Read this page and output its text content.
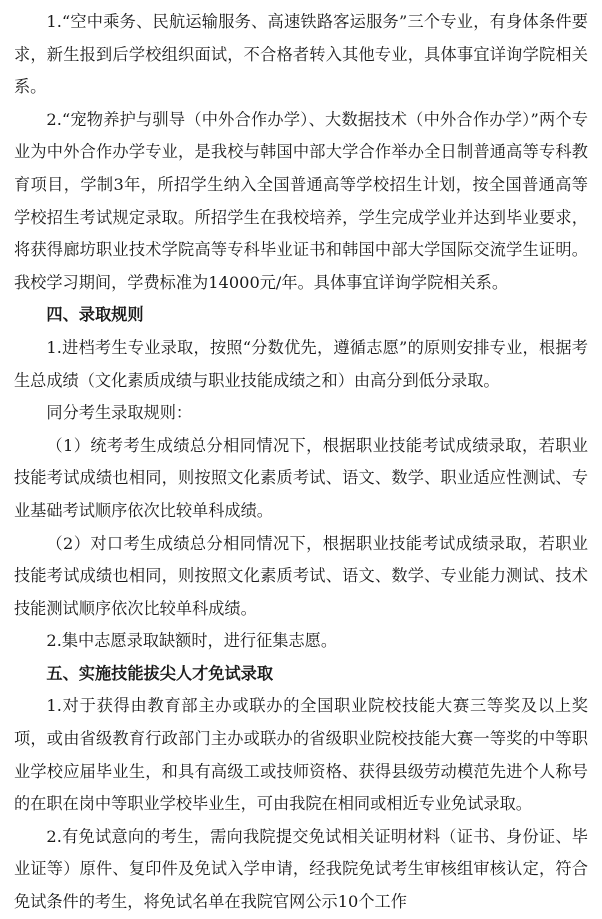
1.“空中乘务、民航运输服务、高速铁路客运服务”三个专业，有身体条件要求，新生报到后学校组织面试，不合格者转入其他专业，具体事宜详询学院相关系。

2.“宠物养护与驯导（中外合作办学）、大数据技术（中外合作办学）”两个专业为中外合作办学专业，是我校与韩国中部大学合作举办全日制普通高等专科教育项目，学制3年，所招学生纳入全国普通高等学校招生计划，按全国普通高等学校招生考试规定录取。所招学生在我校培养，学生完成学业并达到毕业要求，将获得廊坊职业技术学院高等专科毕业证书和韩国中部大学国际交流学生证明。我校学习期间，学费标准为14000元/年。具体事宜详询学院相关系。

四、录取规则

1.进档考生专业录取，按照“分数优先，遵循志愿”的原则安排专业，根据考生总成绩（文化素质成绩与职业技能成绩之和）由高分到低分录取。

同分考生录取规则：

（1）统考考生成绩总分相同情况下，根据职业技能考试成绩录取，若职业技能考试成绩也相同，则按照文化素质考试、语文、数学、职业适应性测试、专业基础考试顺序依次比较单科成绩。

（2）对口考生成绩总分相同情况下，根据职业技能考试成绩录取，若职业技能考试成绩也相同，则按照文化素质考试、语文、数学、专业能力测试、技术技能测试顺序依次比较单科成绩。

2.集中志愿录取缺额时，进行征集志愿。

五、实施技能拔尖人才免试录取

1.对于获得由教育部主办或联办的全国职业院校技能大赛三等奖及以上奖项，或由省级教育行政部门主办或联办的省级职业院校技能大赛一等奖的中等职业学校应届毕业生，和具有高级工或技师资格、获得县级劳动模范先进个人称号的在职在岗中等职业学校毕业生，可由我院在相同或相近专业免试录取。

2.有免试意向的考生，需向我院提交免试相关证明材料（证书、身份证、毕业证等）原件、复印件及免试入学申请，经我院免试考生审核组审核认定，符合免试条件的考生，将免试名单在我院官网公示10个工作
